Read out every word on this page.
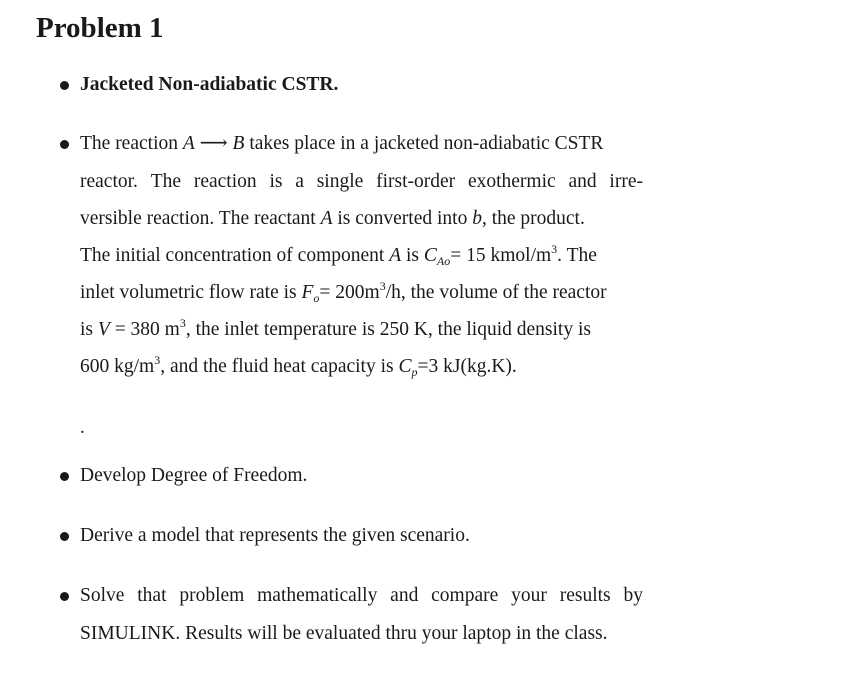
Problem 1
Jacketed Non-adiabatic CSTR.
The reaction A ⟶ B takes place in a jacketed non-adiabatic CSTR
reactor. The reaction is a single first-order exothermic and irre-
versible reaction. The reactant A is converted into b, the product.
The initial concentration of component A is $C_{Ao}= 15$ kmol/$m^3$. The
inlet volumetric flow rate is $F_o= 200m^3/h$, the volume of the reactor
is V = 380 $m^3$, the inlet temperature is 250 K, the liquid density is
600 $kg/m^3$, and the fluid heat capacity is $C_p=3$ kJ(kg.K).
.
Develop Degree of Freedom.
Derive a model that represents the given scenario.
Solve that problem mathematically and compare your results by
SIMULINK. Results will be evaluated thru your laptop in the class.
